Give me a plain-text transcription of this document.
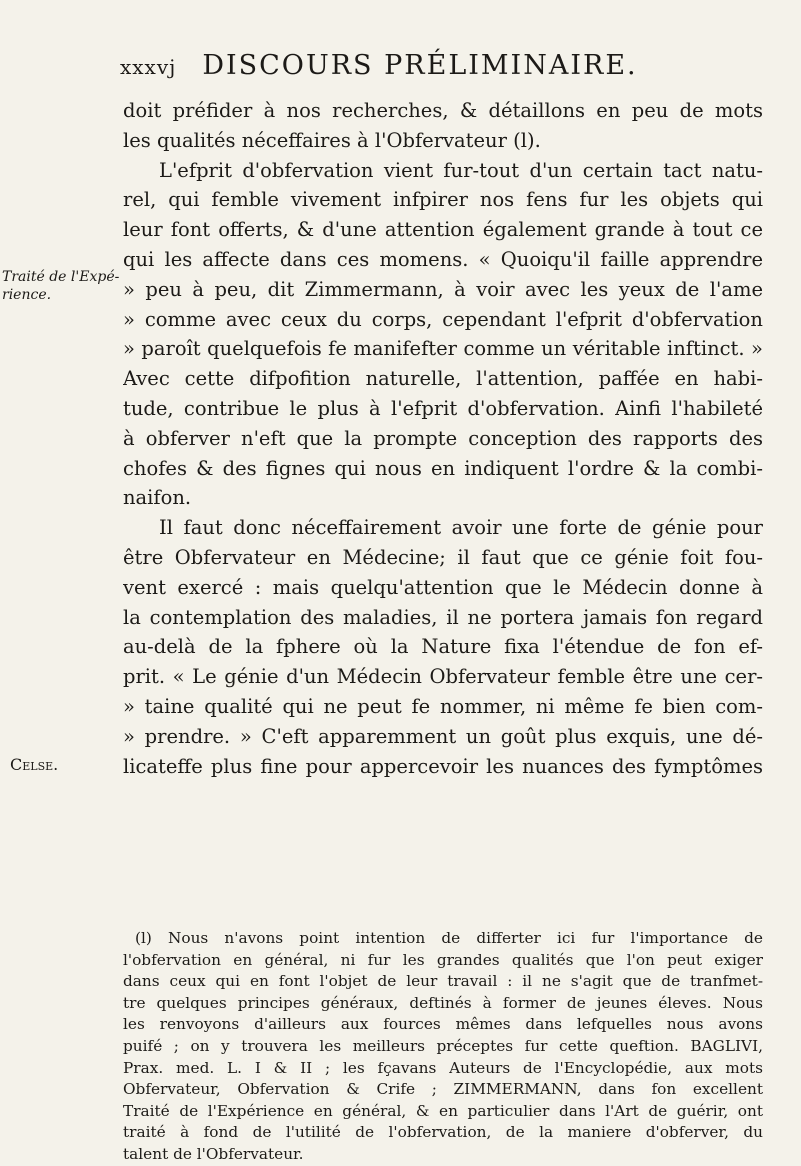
xxxvj DISCOURS PRÉLIMINAIRE.
Traité de l'Expé-rience.
Celse.
doit préfider à nos recherches, & détaillons en peu de mots
les qualités néceffaires à l'Obfervateur (l).
L'efprit d'obfervation vient fur-tout d'un certain tact natu-
rel, qui femble vivement infpirer nos fens fur les objets qui
leur font offerts, & d'une attention également grande à tout ce
qui les affecte dans ces momens. « Quoiqu'il faille apprendre
» peu à peu, dit Zimmermann, à voir avec les yeux de l'ame
» comme avec ceux du corps, cependant l'efprit d'obfervation
» paroît quelquefois fe manifefter comme un véritable inftinct. »
Avec cette difpofition naturelle, l'attention, paffée en habi-
tude, contribue le plus à l'efprit d'obfervation. Ainfi l'habileté
à obferver n'eft que la prompte conception des rapports des
chofes & des fignes qui nous en indiquent l'ordre & la combi-
naifon.
Il faut donc néceffairement avoir une forte de génie pour
être Obfervateur en Médecine; il faut que ce génie foit fou-
vent exercé : mais quelqu'attention que le Médecin donne à
la contemplation des maladies, il ne portera jamais fon regard
au-delà de la fphere où la Nature fixa l'étendue de fon ef-
prit. « Le génie d'un Médecin Obfervateur femble être une cer-
» taine qualité qui ne peut fe nommer, ni même fe bien com-
» prendre. » C'eft apparemment un goût plus exquis, une dé-
licateffe plus fine pour appercevoir les nuances des fymptômes
(l) Nous n'avons point intention de differter ici fur l'importance de
l'obfervation en général, ni fur les grandes qualités que l'on peut exiger
dans ceux qui en font l'objet de leur travail : il ne s'agit que de tranfmet-
tre quelques principes généraux, deftinés à former de jeunes éleves. Nous
les renvoyons d'ailleurs aux fources mêmes dans lefquelles nous avons
puifé ; on y trouvera les meilleurs préceptes fur cette queftion. BAGLIVI,
Prax. med. L. I & II ; les fçavans Auteurs de l'Encyclopédie, aux mots
Obfervateur, Obfervation & Crife ; ZIMMERMANN, dans fon excellent
Traité de l'Expérience en général, & en particulier dans l'Art de guérir, ont
traité à fond de l'utilité de l'obfervation, de la maniere d'obferver, du
talent de l'Obfervateur.
